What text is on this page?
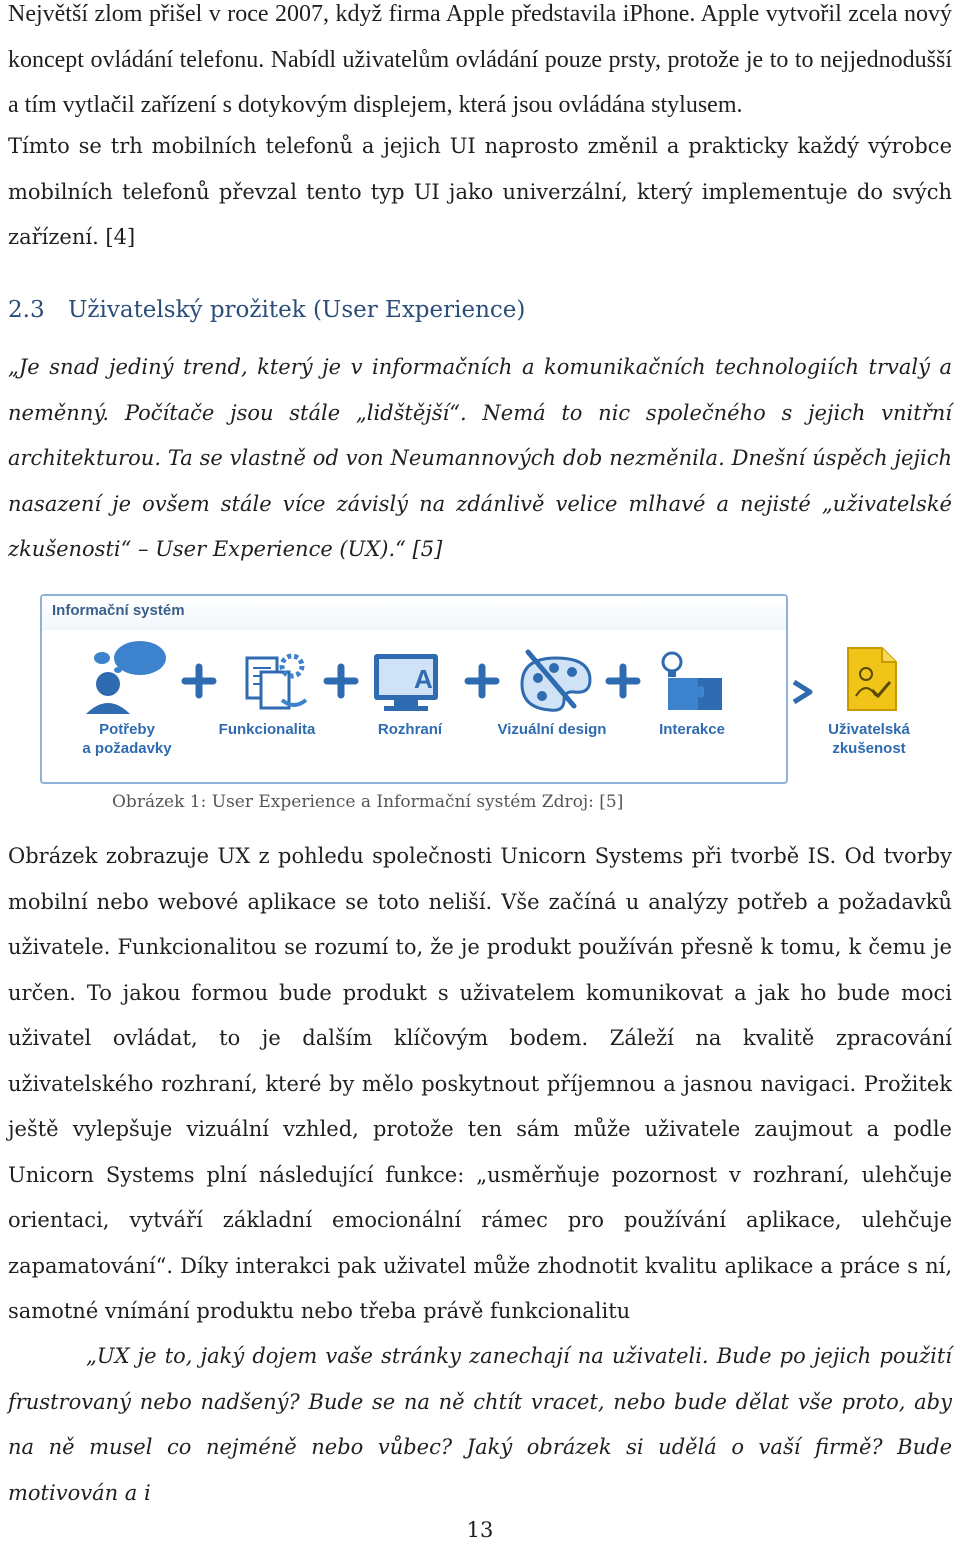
Největší zlom přišel v roce 2007, když firma Apple představila iPhone. Apple vytvořil zcela nový koncept ovládání telefonu. Nabídl uživatelům ovládání pouze prsty, protože je to to nejjednodušší a tím vytlačil zařízení s dotykovým displejem, která jsou ovládána stylusem.

Tímto se trh mobilních telefonů a jejich UI naprosto změnil a prakticky každý výrobce mobilních telefonů převzal tento typ UI jako univerzální, který implementuje do svých zařízení. [4]

2.3 Uživatelský prožitek (User Experience)

„Je snad jediný trend, který je v informačních a komunikačních technologiích trvalý a neměnný. Počítače jsou stále „lidštější“. Nemá to nic společného s jejich vnitřní architekturou. Ta se vlastně od von Neumannových dob nezměnila. Dnešní úspěch jejich nasazení je ovšem stále více závislý na zdánlivě velice mlhavé a nejisté „uživatelské zkušenosti“ – User Experience (UX).“ [5]

Informační systém
A
Potřeby
a požadavky
Funkcionalita	Rozhraní	Vizuální design	Interakce	Uživatelská
zkušenost

Obrázek 1: User Experience a Informační systém Zdroj: [5]

Obrázek zobrazuje UX z pohledu společnosti Unicorn Systems při tvorbě IS. Od tvorby mobilní nebo webové aplikace se toto neliší. Vše začíná u analýzy potřeb a požadavků uživatele. Funkcionalitou se rozumí to, že je produkt používán přesně k tomu, k čemu je určen. To jakou formou bude produkt s uživatelem komunikovat a jak ho bude moci uživatel ovládat, to je dalším klíčovým bodem. Záleží na kvalitě zpracování uživatelského rozhraní, které by mělo poskytnout příjemnou a jasnou navigaci. Prožitek ještě vylepšuje vizuální vzhled, protože ten sám může uživatele zaujmout a podle Unicorn Systems plní následující funkce: „usměrňuje pozornost v rozhraní, ulehčuje orientaci, vytváří základní emocionální rámec pro používání aplikace, ulehčuje zapamatování“. Díky interakci pak uživatel může zhodnotit kvalitu aplikace a práce s ní, samotné vnímání produktu nebo třeba právě funkcionalitu

„UX je to, jaký dojem vaše stránky zanechají na uživateli. Bude po jejich použití frustrovaný nebo nadšený? Bude se na ně chtít vracet, nebo bude dělat vše proto, aby na ně musel co nejméně nebo vůbec? Jaký obrázek si udělá o vaší firmě? Bude motivován a i

13
